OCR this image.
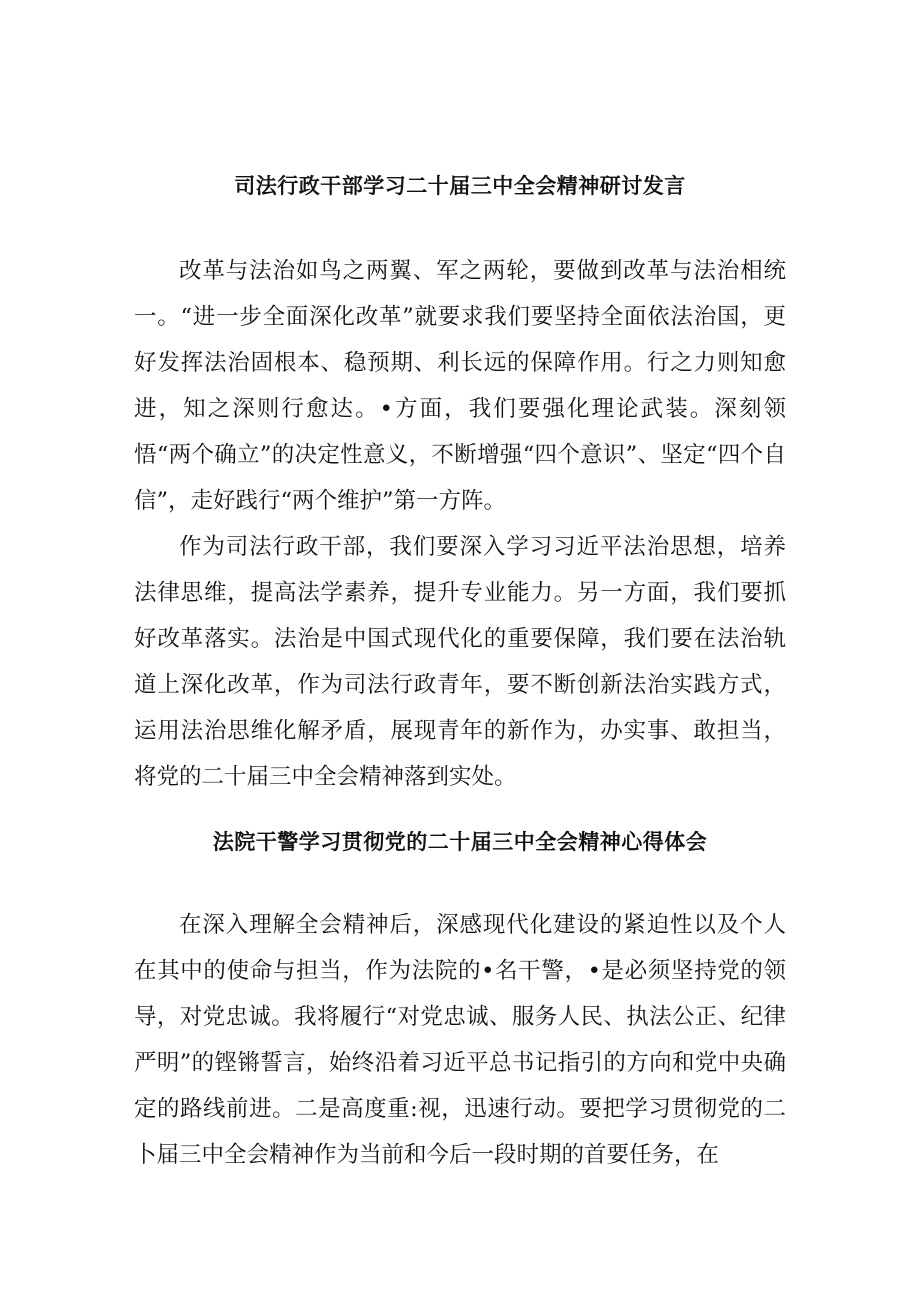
司法行政干部学习二十届三中全会精神研讨发言

改革与法治如鸟之两翼、军之两轮，要做到改革与法治相统一。“进一步全面深化改革”就要求我们要坚持全面依法治国，更好发挥法治固根本、稳预期、利长远的保障作用。行之力则知愈进，知之深则行愈达。•方面，我们要强化理论武装。深刻领悟“两个确立”的决定性意义，不断增强“四个意识”、坚定“四个自信”，走好践行“两个维护”第一方阵。

作为司法行政干部，我们要深入学习习近平法治思想，培养法律思维，提高法学素养，提升专业能力。另一方面，我们要抓好改革落实。法治是中国式现代化的重要保障，我们要在法治轨道上深化改革，作为司法行政青年，要不断创新法治实践方式，运用法治思维化解矛盾，展现青年的新作为，办实事、敢担当，将党的二十届三中全会精神落到实处。

法院干警学习贯彻党的二十届三中全会精神心得体会

在深入理解全会精神后，深感现代化建设的紧迫性以及个人在其中的使命与担当，作为法院的•名干警，•是必须坚持党的领导，对党忠诚。我将履行“对党忠诚、服务人民、执法公正、纪律严明”的铿锵誓言，始终沿着习近平总书记指引的方向和党中央确定的路线前进。二是高度重:视，迅速行动。要把学习贯彻党的二卜届三中全会精神作为当前和今后一段时期的首要任务，在
